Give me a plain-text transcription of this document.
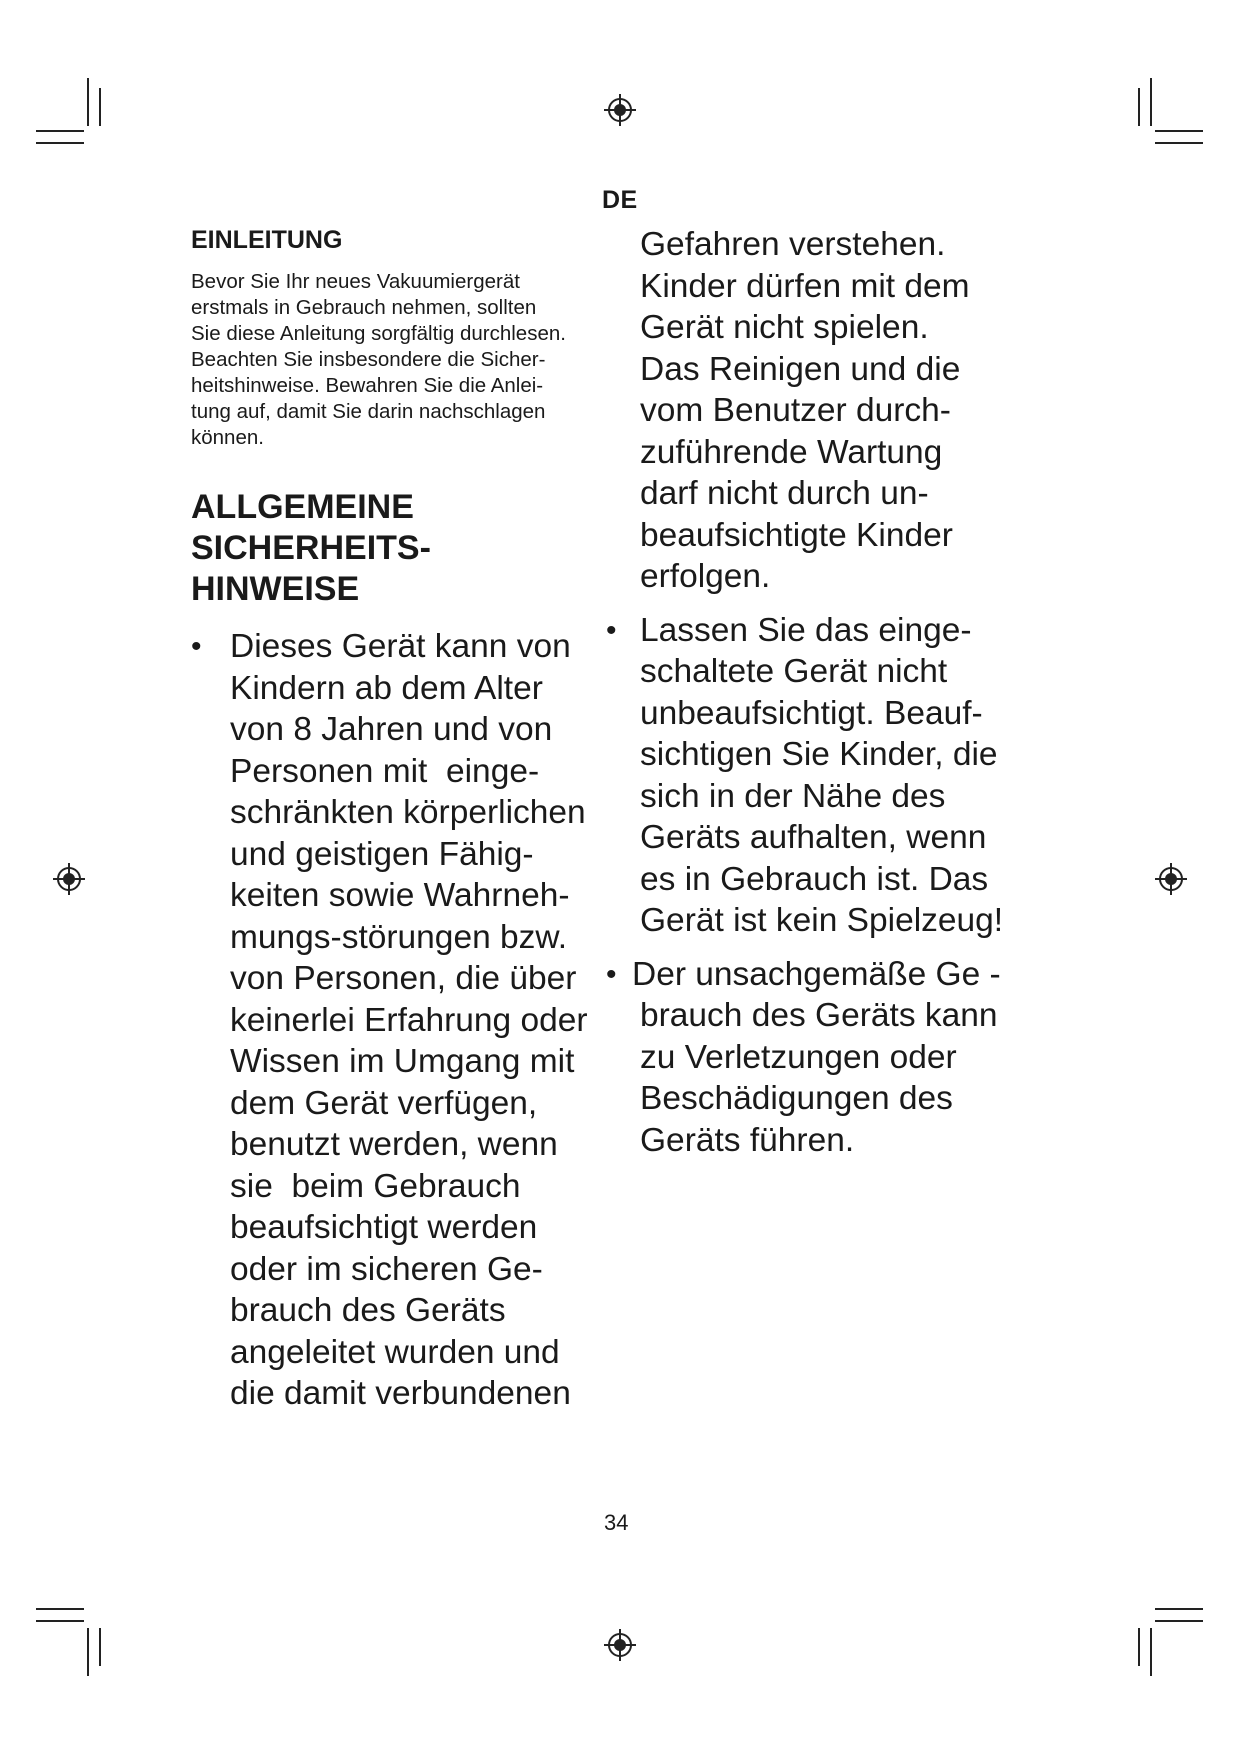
DE
EINLEITUNG

Bevor Sie Ihr neues Vakuumiergerät
erstmals in Gebrauch nehmen, sollten
Sie diese Anleitung sorgfältig durchlesen.
Beachten Sie insbesondere die Sicher-
heitshinweise. Bewahren Sie die Anlei-
tung auf, damit Sie darin nachschlagen
können.

ALLGEMEINE
SICHERHEITS-
HINWEISE
• Dieses Gerät kann von
Kindern ab dem Alter
von 8 Jahren und von
Personen mit  einge-
schränkten körperlichen
und geistigen Fähig-
keiten sowie Wahrneh-
mungs-störungen bzw.
von Personen, die über
keinerlei Erfahrung oder
Wissen im Umgang mit
dem Gerät verfügen,
benutzt werden, wenn
sie  beim Gebrauch
beaufsichtigt werden
oder im sicheren Ge-
brauch des Geräts
angeleitet wurden und
die damit verbundenen
Gefahren verstehen.
Kinder dürfen mit dem
Gerät nicht spielen.
Das Reinigen und die
vom Benutzer durch-
zuführende Wartung
darf nicht durch un-
beaufsichtigte Kinder
erfolgen.
• Lassen Sie das einge-
schaltete Gerät nicht
unbeaufsichtigt. Beauf-
sichtigen Sie Kinder, die
sich in der Nähe des
Geräts aufhalten, wenn
es in Gebrauch ist. Das
Gerät ist kein Spielzeug!
• Der unsachgemäße Ge -
brauch des Geräts kann
zu Verletzungen oder
Beschädigungen des
Geräts führen.
34
